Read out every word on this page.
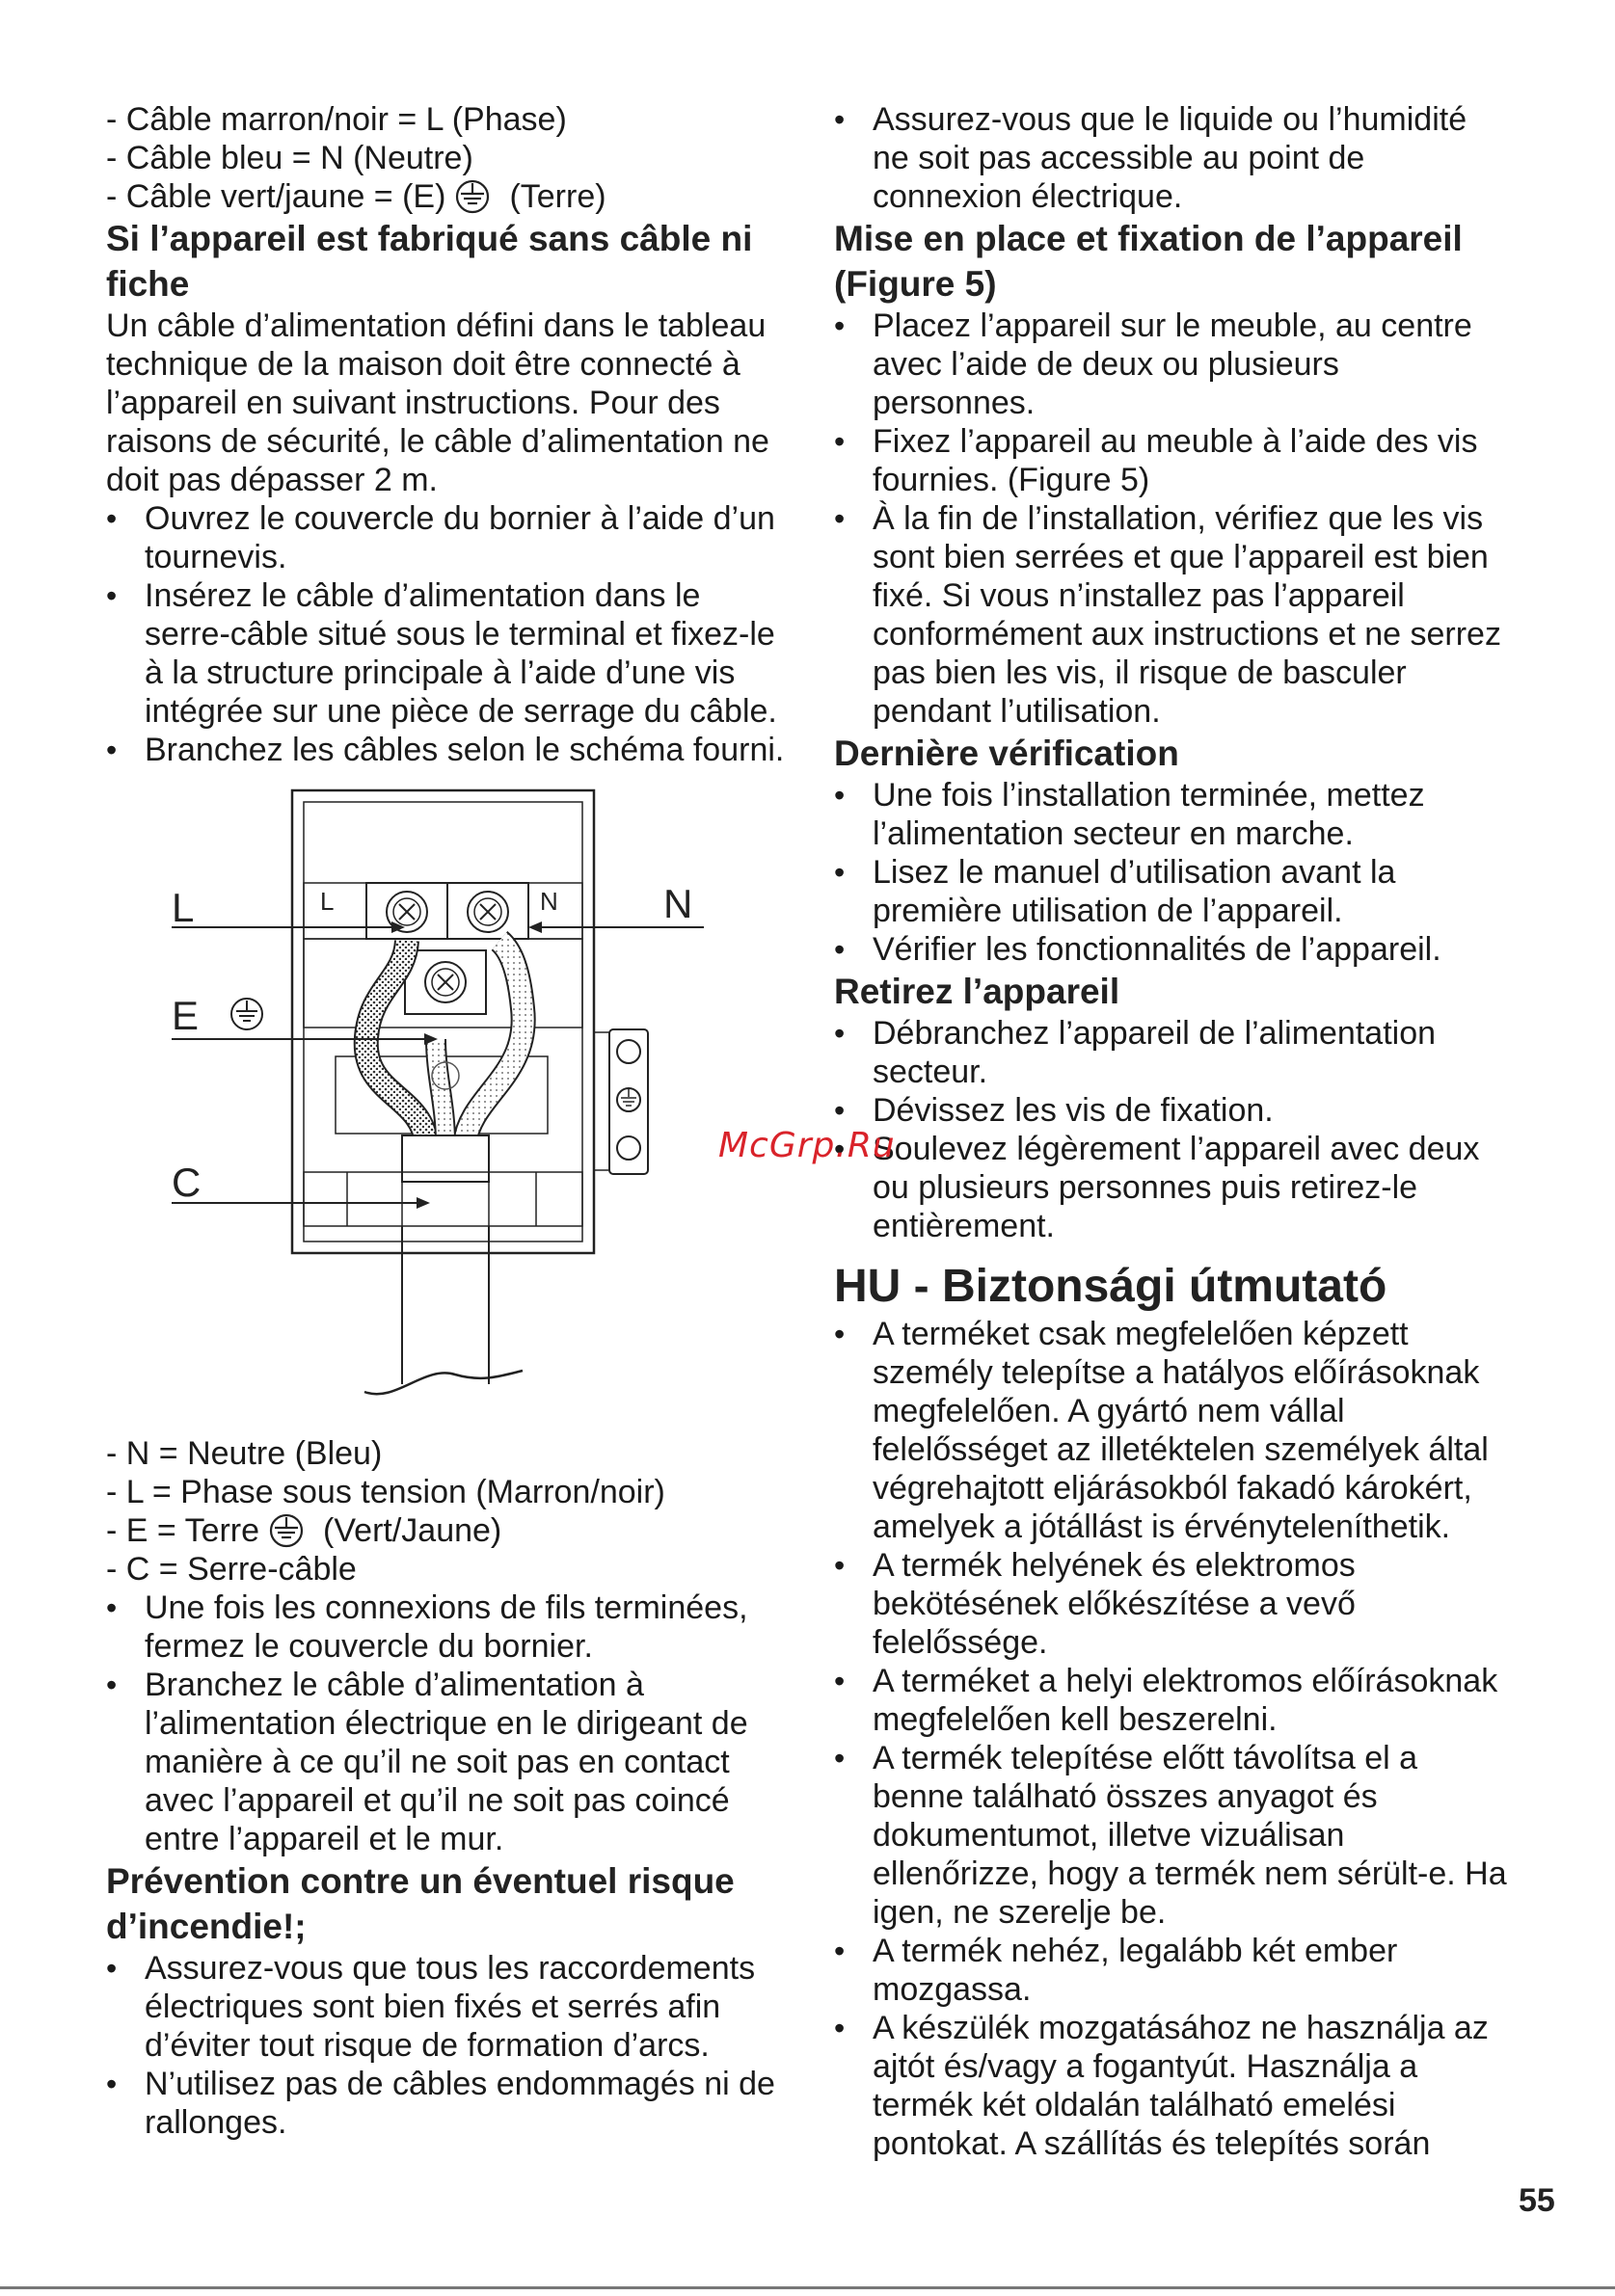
- Câble marron/noir = L (Phase)

- Câble bleu = N (Neutre)

- Câble vert/jaune = (E) (Terre)

Si l’appareil est fabriqué sans câble ni fiche

Un câble d’alimentation défini dans le tableau technique de la maison doit être connecté à l’appareil en suivant instructions. Pour des raisons de sécurité, le câble d’alimentation ne doit pas dépasser 2 m.

• Ouvrez le couvercle du bornier à l’aide d’un tournevis.
• Insérez le câble d’alimentation dans le serre-câble situé sous le terminal et fixez-le à la structure principale à l’aide d’une vis intégrée sur une pièce de serrage du câble.
• Branchez les câbles selon le schéma fourni.
L	N
L	N
E
C

- N = Neutre (Bleu)

- L = Phase sous tension (Marron/noir)

- E = Terre (Vert/Jaune)

- C = Serre-câble

• Une fois les connexions de fils terminées, fermez le couvercle du bornier.
• Branchez le câble d’alimentation à l’alimentation électrique en le dirigeant de manière à ce qu’il ne soit pas en contact avec l’appareil et qu’il ne soit pas coincé entre l’appareil et le mur.
Prévention contre un éventuel risque d’incendie!;
• Assurez-vous que tous les raccordements électriques sont bien fixés et serrés afin d’éviter tout risque de formation d’arcs.
• N’utilisez pas de câbles endommagés ni de rallonges.
• Assurez-vous que le liquide ou l’humidité ne soit pas accessible au point de connexion électrique.
Mise en place et fixation de l’appareil (Figure 5)
• Placez l’appareil sur le meuble, au centre avec l’aide de deux ou plusieurs personnes.
• Fixez l’appareil au meuble à l’aide des vis fournies. (Figure 5)
• À la fin de l’installation, vérifiez que les vis sont bien serrées et que l’appareil est bien fixé. Si vous n’installez pas l’appareil conformément aux instructions et ne serrez pas bien les vis, il risque de basculer pendant l’utilisation.
Dernière vérification
• Une fois l’installation terminée, mettez l’alimentation secteur en marche.
• Lisez le manuel d’utilisation avant la première utilisation de l’appareil.
• Vérifier les fonctionnalités de l’appareil.
Retirez l’appareil
• Débranchez l’appareil de l’alimentation secteur.
• Dévissez les vis de fixation.
• Soulevez légèrement l’appareil avec deux ou plusieurs personnes puis retirez-le entièrement.
HU - Biztonsági útmutató
• A terméket csak megfelelően képzett személy telepítse a hatályos előírásoknak megfelelően. A gyártó nem vállal felelősséget az illetéktelen személyek által végrehajtott eljárásokból fakadó károkért, amelyek a jótállást is érvényteleníthetik.
• A termék helyének és elektromos bekötésének előkészítése a vevő felelőssége.
• A terméket a helyi elektromos előírásoknak megfelelően kell beszerelni.
• A termék telepítése előtt távolítsa el a benne található összes anyagot és dokumentumot, illetve vizuálisan ellenőrizze, hogy a termék nem sérült-e. Ha igen, ne szerelje be.
• A termék nehéz, legalább két ember mozgassa.
• A készülék mozgatásához ne használja az ajtót és/vagy a fogantyút. Használja a termék két oldalán található emelési pontokat. A szállítás és telepítés során
McGrp.Ru
55
